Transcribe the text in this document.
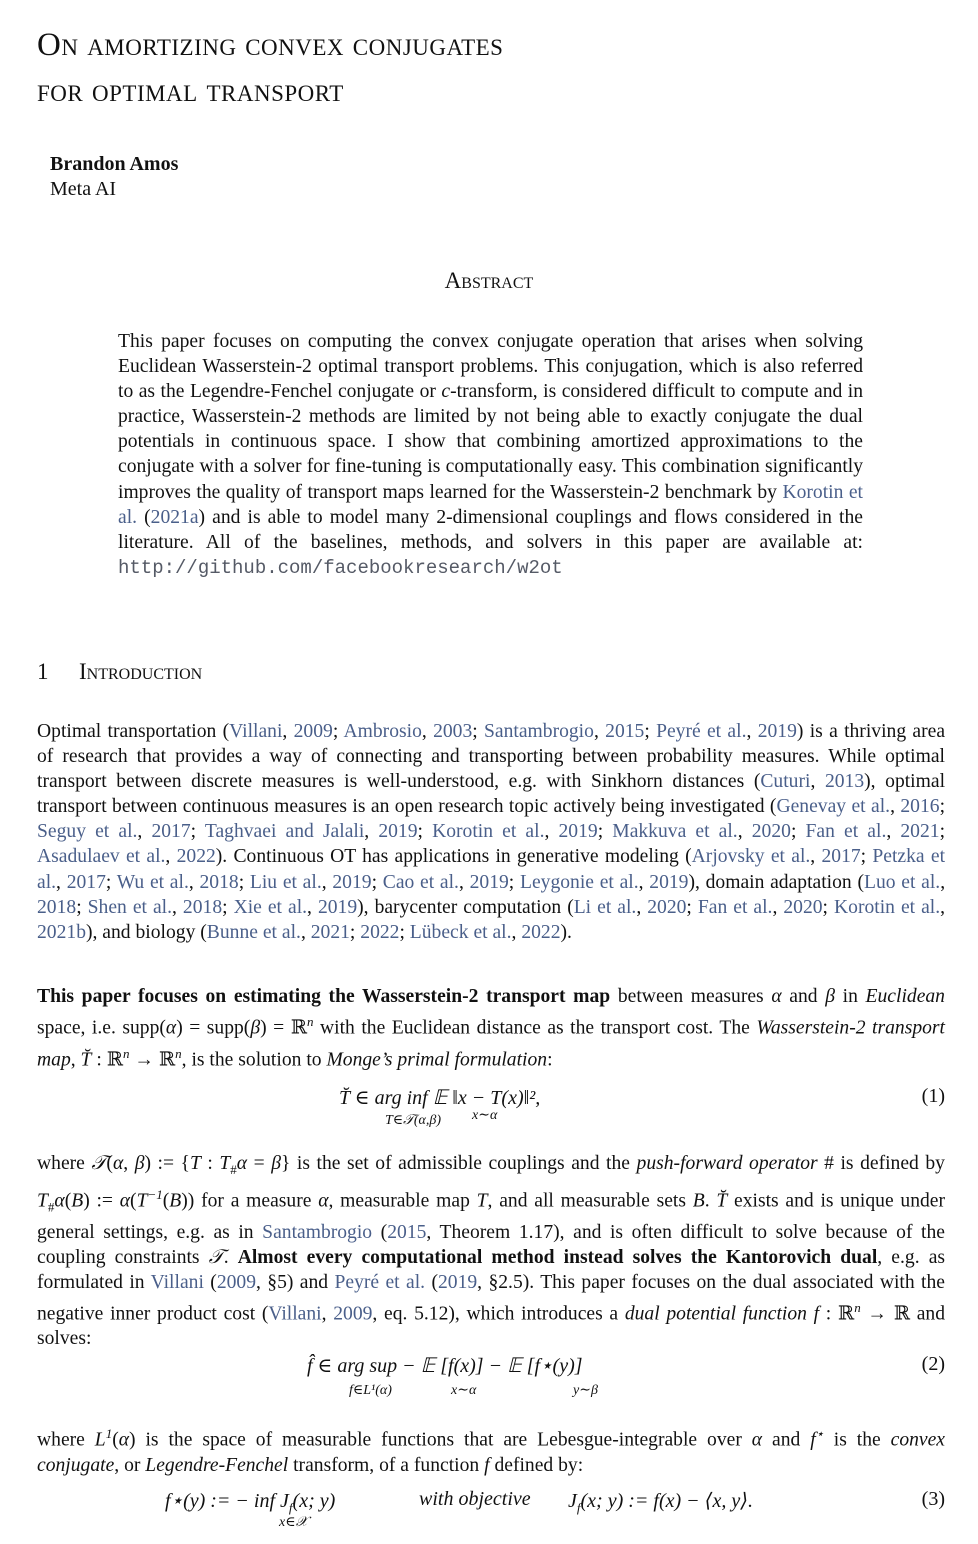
On amortizing convex conjugates
for optimal transport
Brandon Amos
Meta AI
Abstract
This paper focuses on computing the convex conjugate operation that arises when solving Euclidean Wasserstein-2 optimal transport problems. This conjugation, which is also referred to as the Legendre-Fenchel conjugate or c-transform, is considered difficult to compute and in practice, Wasserstein-2 methods are limited by not being able to exactly conjugate the dual potentials in continuous space. I show that combining amortized approximations to the conjugate with a solver for fine-tuning is computationally easy. This combination significantly improves the quality of transport maps learned for the Wasserstein-2 benchmark by Korotin et al. (2021a) and is able to model many 2-dimensional couplings and flows considered in the literature. All of the baselines, methods, and solvers in this paper are available at: http://github.com/facebookresearch/w2ot
1 Introduction
Optimal transportation (Villani, 2009; Ambrosio, 2003; Santambrogio, 2015; Peyré et al., 2019) is a thriving area of research that provides a way of connecting and transporting between probability measures. While optimal transport between discrete measures is well-understood, e.g. with Sinkhorn distances (Cuturi, 2013), optimal transport between continuous measures is an open research topic actively being investigated (Genevay et al., 2016; Seguy et al., 2017; Taghvaei and Jalali, 2019; Korotin et al., 2019; Makkuva et al., 2020; Fan et al., 2021; Asadulaev et al., 2022). Continuous OT has applications in generative modeling (Arjovsky et al., 2017; Petzka et al., 2017; Wu et al., 2018; Liu et al., 2019; Cao et al., 2019; Leygonie et al., 2019), domain adaptation (Luo et al., 2018; Shen et al., 2018; Xie et al., 2019), barycenter computation (Li et al., 2020; Fan et al., 2020; Korotin et al., 2021b), and biology (Bunne et al., 2021; 2022; Lübeck et al., 2022).
This paper focuses on estimating the Wasserstein-2 transport map between measures α and β in Euclidean space, i.e. supp(α) = supp(β) = ℝ$^n$ with the Euclidean distance as the transport cost. The Wasserstein-2 transport map, T̆ : ℝ$^n$ → ℝ$^n$, is the solution to Monge’s primal formulation:
T̆ ∈ arg inf 𝔼 ‖x − T(x)‖²,
T∈𝒯(α,β) x∼α
(1)
where 𝒯(α, β) := {T : $T_{\#}\alpha = \beta$} is the set of admissible couplings and the push-forward operator # is defined by $T_{\#}\alpha(B)$ := $\alpha(T^{-1}(B))$ for a measure α, measurable map T, and all measurable sets B. T̆ exists and is unique under general settings, e.g. as in Santambrogio (2015, Theorem 1.17), and is often difficult to solve because of the coupling constraints 𝒯. Almost every computational method instead solves the Kantorovich dual, e.g. as formulated in Villani (2009, §5) and Peyré et al. (2019, §2.5). This paper focuses on the dual associated with the negative inner product cost (Villani, 2009, eq. 5.12), which introduces a dual potential function f : ℝ$^n$ → ℝ and solves:
f̂ ∈ arg sup − 𝔼 [f(x)] − 𝔼 [f⋆(y)]
f∈L¹(α)	x∼α	y∼β
(2)
where $L^1(\alpha)$ is the space of measurable functions that are Lebesgue-integrable over α and f⋆ is the convex conjugate, or Legendre-Fenchel transform, of a function f defined by:
f⋆(y) := − inf $J_f(x$; y)
x∈𝒳
with objective $J_f(x$; y) := f(x) − ⟨x, y⟩.	(3)
